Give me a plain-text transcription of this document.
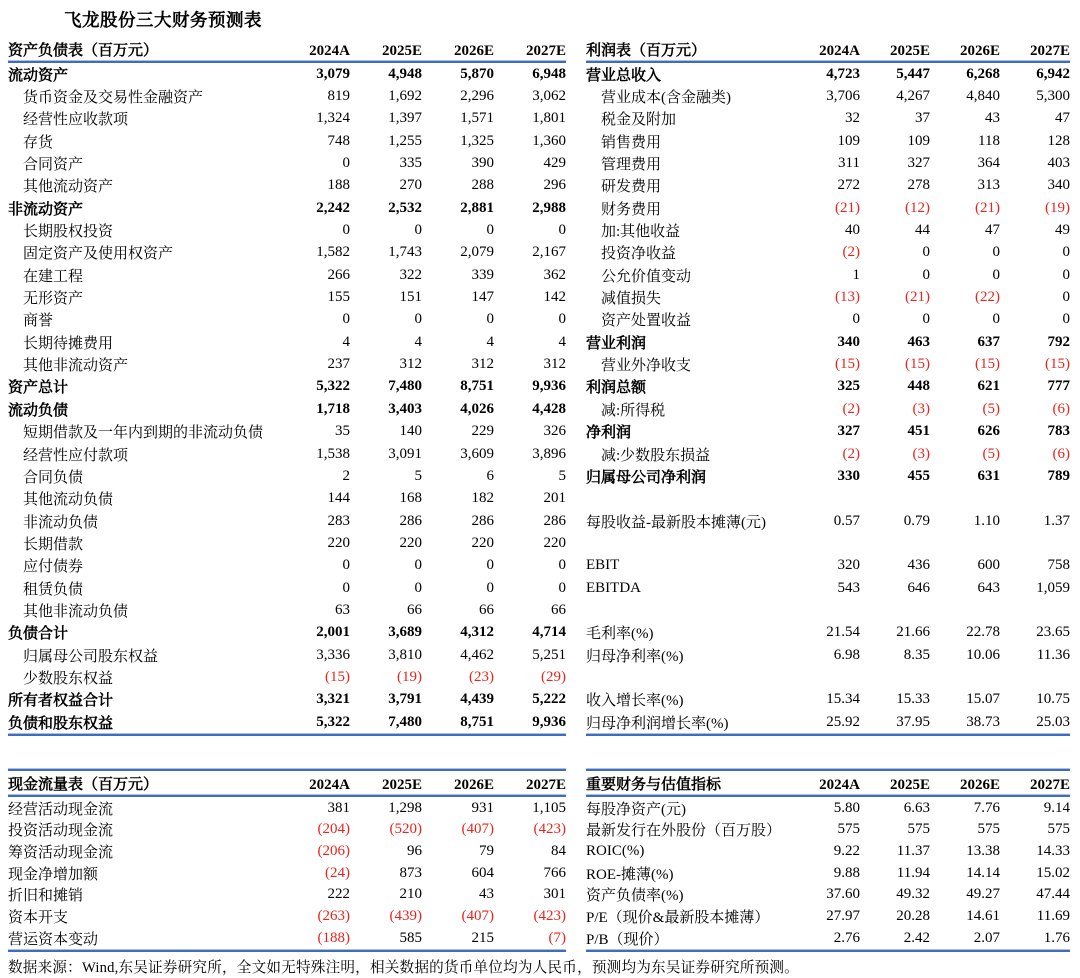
飞龙股份三大财务预测表
资产负债表（百万元）	2024A	2025E	2026E	2027E
流动资产	3,079	4,948	5,870	6,948
货币资金及交易性金融资产	819	1,692	2,296	3,062
经营性应收款项	1,324	1,397	1,571	1,801
存货	748	1,255	1,325	1,360
合同资产	0	335	390	429
其他流动资产	188	270	288	296
非流动资产	2,242	2,532	2,881	2,988
长期股权投资	0	0	0	0
固定资产及使用权资产	1,582	1,743	2,079	2,167
在建工程	266	322	339	362
无形资产	155	151	147	142
商誉	0	0	0	0
长期待摊费用	4	4	4	4
其他非流动资产	237	312	312	312
资产总计	5,322	7,480	8,751	9,936
流动负债	1,718	3,403	4,026	4,428
短期借款及一年内到期的非流动负债	35	140	229	326
经营性应付款项	1,538	3,091	3,609	3,896
合同负债	2	5	6	5
其他流动负债	144	168	182	201
非流动负债	283	286	286	286
长期借款	220	220	220	220
应付债券	0	0	0	0
租赁负债	0	0	0	0
其他非流动负债	63	66	66	66
负债合计	2,001	3,689	4,312	4,714
归属母公司股东权益	3,336	3,810	4,462	5,251
少数股东权益	(15)	(19)	(23)	(29)
所有者权益合计	3,321	3,791	4,439	5,222
负债和股东权益	5,322	7,480	8,751	9,936
利润表（百万元）	2024A	2025E	2026E	2027E
营业总收入	4,723	5,447	6,268	6,942
营业成本(含金融类)	3,706	4,267	4,840	5,300
税金及附加	32	37	43	47
销售费用	109	109	118	128
管理费用	311	327	364	403
研发费用	272	278	313	340
财务费用	(21)	(12)	(21)	(19)
加:其他收益	40	44	47	49
投资净收益	(2)	0	0	0
公允价值变动	1	0	0	0
减值损失	(13)	(21)	(22)	0
资产处置收益	0	0	0	0
营业利润	340	463	637	792
营业外净收支	(15)	(15)	(15)	(15)
利润总额	325	448	621	777
减:所得税	(2)	(3)	(5)	(6)
净利润	327	451	626	783
减:少数股东损益	(2)	(3)	(5)	(6)
归属母公司净利润	330	455	631	789
每股收益-最新股本摊薄(元)	0.57	0.79	1.10	1.37
EBIT	320	436	600	758
EBITDA	543	646	643	1,059
毛利率(%)	21.54	21.66	22.78	23.65
归母净利率(%)	6.98	8.35	10.06	11.36
收入增长率(%)	15.34	15.33	15.07	10.75
归母净利润增长率(%)	25.92	37.95	38.73	25.03
现金流量表（百万元）	2024A	2025E	2026E	2027E
经营活动现金流	381	1,298	931	1,105
投资活动现金流	(204)	(520)	(407)	(423)
筹资活动现金流	(206)	96	79	84
现金净增加额	(24)	873	604	766
折旧和摊销	222	210	43	301
资本开支	(263)	(439)	(407)	(423)
营运资本变动	(188)	585	215	(7)
重要财务与估值指标	2024A	2025E	2026E	2027E
每股净资产(元)	5.80	6.63	7.76	9.14
最新发行在外股份（百万股）	575	575	575	575
ROIC(%)	9.22	11.37	13.38	14.33
ROE-摊薄(%)	9.88	11.94	14.14	15.02
资产负债率(%)	37.60	49.32	49.27	47.44
P/E（现价&最新股本摊薄）	27.97	20.28	14.61	11.69
P/B（现价）	2.76	2.42	2.07	1.76
数据来源：Wind,东吴证券研究所，全文如无特殊注明，相关数据的货币单位均为人民币，预测均为东吴证券研究所预测。
